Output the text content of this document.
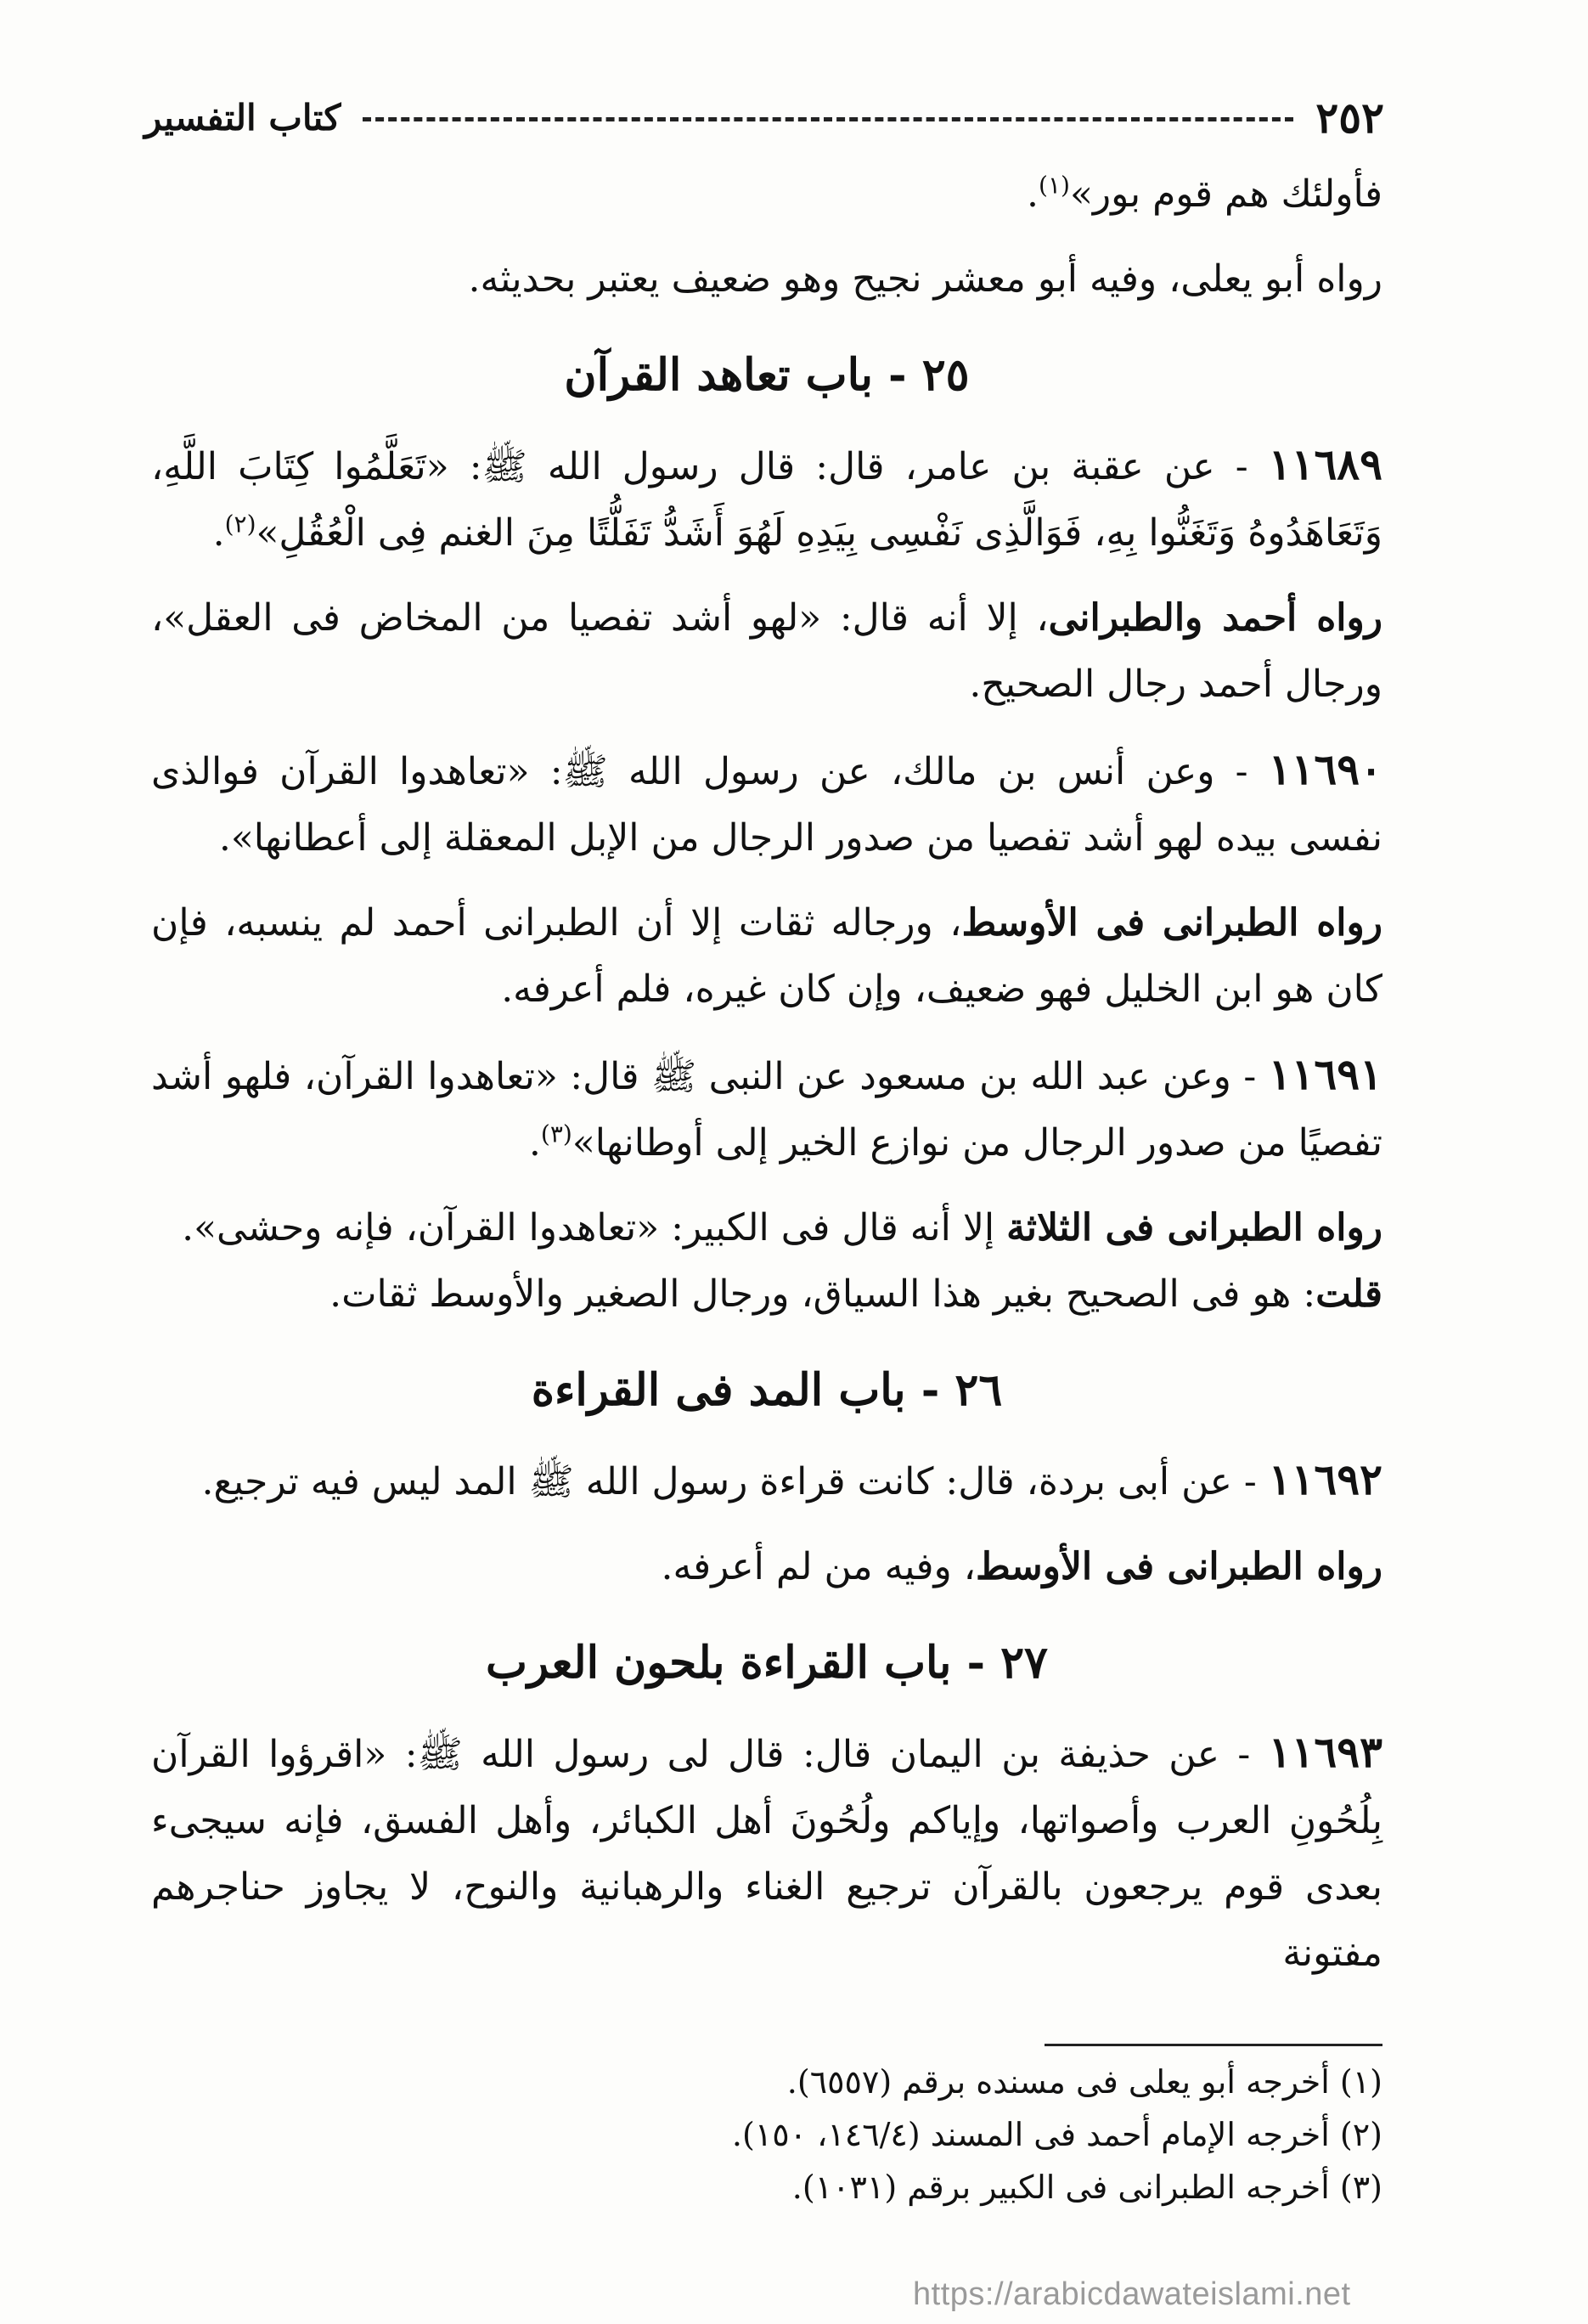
٢٥٢
كتاب التفسير

فأولئك هم قوم بور»$^{(١)}$.

رواه أبو يعلى، وفيه أبو معشر نجيح وهو ضعيف يعتبر بحديثه.

٢٥ - باب تعاهد القرآن

١١٦٨٩ - عن عقبة بن عامر، قال: قال رسول الله ﷺ: «تَعَلَّمُوا كِتَابَ اللَّهِ، وَتَعَاهَدُوهُ وَتَغَنُّوا بِهِ، فَوَالَّذِى نَفْسِى بِيَدِهِ لَهُوَ أَشَدُّ تَفَلُّتًا مِنَ الغنم فِى الْعُقُلِ»$^{(٢)}$.

رواه أحمد والطبرانى، إلا أنه قال: «لهو أشد تفصيا من المخاض فى العقل»، ورجال أحمد رجال الصحيح.

١١٦٩٠ - وعن أنس بن مالك، عن رسول الله ﷺ: «تعاهدوا القرآن فوالذى نفسى بيده لهو أشد تفصيا من صدور الرجال من الإبل المعقلة إلى أعطانها».

رواه الطبرانى فى الأوسط، ورجاله ثقات إلا أن الطبرانى أحمد لم ينسبه، فإن كان هو ابن الخليل فهو ضعيف، وإن كان غيره، فلم أعرفه.

١١٦٩١ - وعن عبد الله بن مسعود عن النبى ﷺ قال: «تعاهدوا القرآن، فلهو أشد تفصيًا من صدور الرجال من نوازع الخير إلى أوطانها»$^{(٣)}$.

رواه الطبرانى فى الثلاثة إلا أنه قال فى الكبير: «تعاهدوا القرآن، فإنه وحشى».

قلت: هو فى الصحيح بغير هذا السياق، ورجال الصغير والأوسط ثقات.

٢٦ - باب المد فى القراءة

١١٦٩٢ - عن أبى بردة، قال: كانت قراءة رسول الله ﷺ المد ليس فيه ترجيع.

رواه الطبرانى فى الأوسط، وفيه من لم أعرفه.

٢٧ - باب القراءة بلحون العرب

١١٦٩٣ - عن حذيفة بن اليمان قال: قال لى رسول الله ﷺ: «اقرؤوا القرآن بِلُحُونِ العرب وأصواتها، وإياكم ولُحُونَ أهل الكبائر، وأهل الفسق، فإنه سيجىء بعدى قوم يرجعون بالقرآن ترجيع الغناء والرهبانية والنوح، لا يجاوز حناجرهم مفتونة

(١) أخرجه أبو يعلى فى مسنده برقم (٦٥٥٧).
(٢) أخرجه الإمام أحمد فى المسند (١٤٦/٤، ١٥٠).
(٣) أخرجه الطبرانى فى الكبير برقم (١٠٣١).
https://arabicdawateislami.net
